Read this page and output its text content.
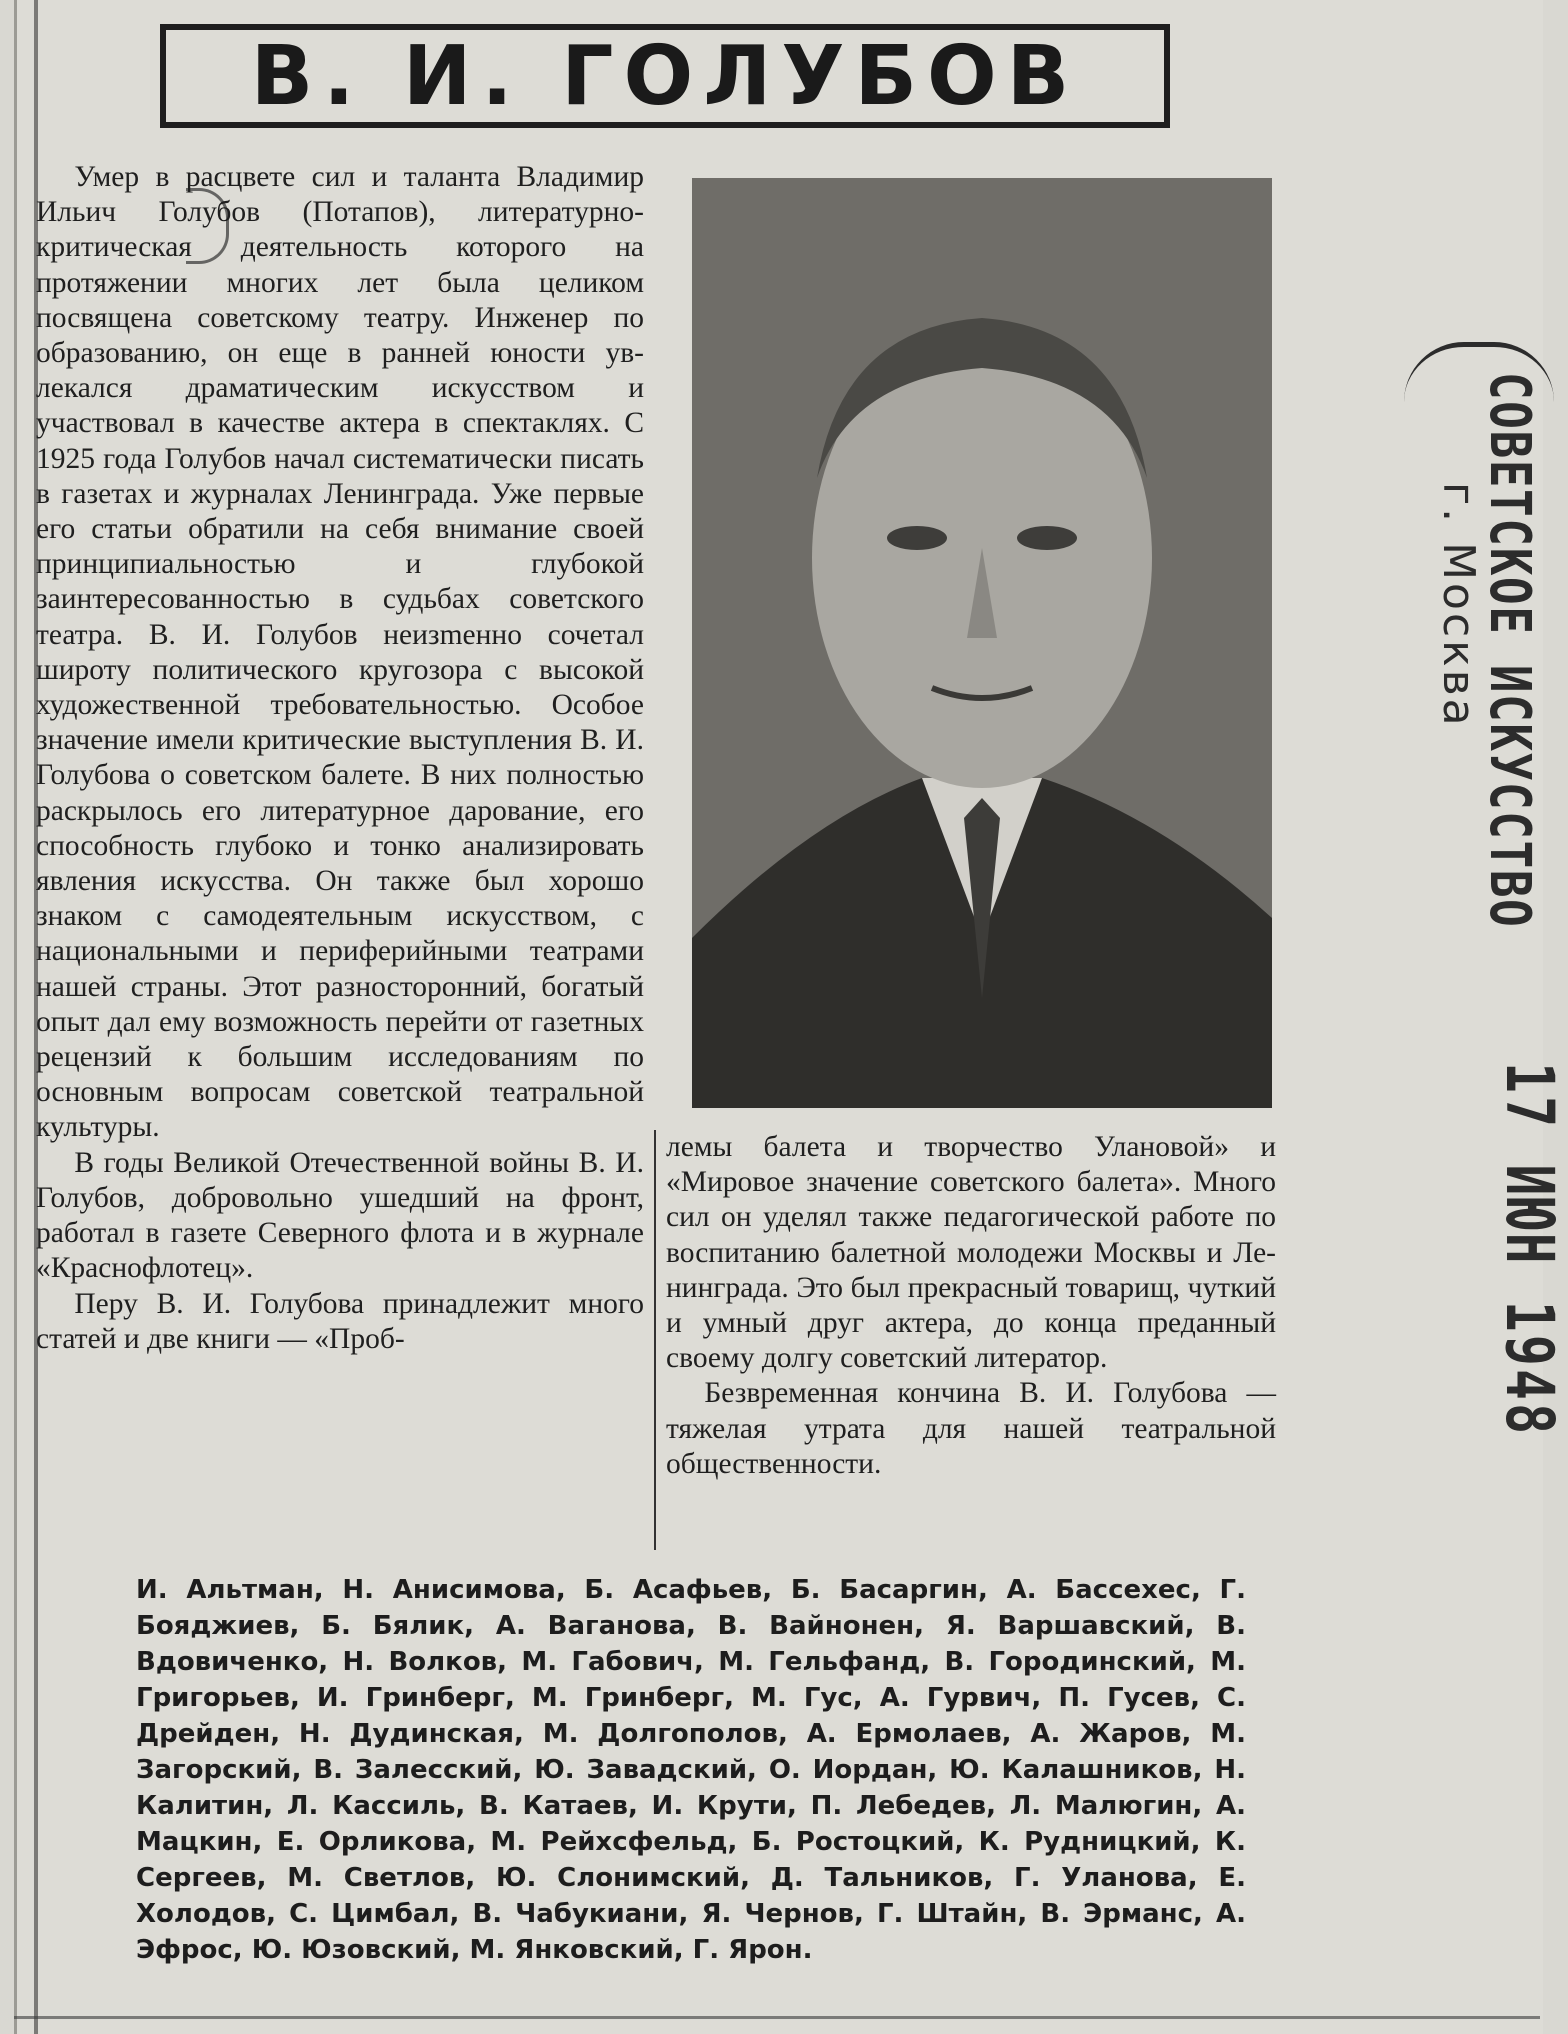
В. И. ГОЛУБОВ

Умер в расцвете сил и таланта Владимир Ильич Голубов (Потапов), литературно-критическая деятельность которого на протяжении многих лет была целиком посвящена советскому театру. Инженер по образованию, он еще в ранней юности увлекался драматическим искусством и участвовал в качестве актера в спектаклях. С 1925 года Голубов начал систематически писать в газетах и журналах Ленинграда. Уже первые его статьи обратили на себя внимание своей принципиальностью и глубокой заинтересованностью в судьбах советского театра. В. И. Голубов неизmенно сочетал широту политического кругозора с высокой художественной требовательностью. Особое значение имели критические выступления В. И. Голубова о советском балете. В них полностью раскрылось его литературное дарование, его способность глубоко и тонко анализировать явления искусства. Он также был хорошо знаком с самодеятельным искусством, с национальными и периферийными театрами нашей страны. Этот разносторонний, богатый опыт дал ему возможность перейти от газетных рецензий к большим исследованиям по основным вопросам советской театральной культуры.

В годы Великой Отечественной войны В. И. Голубов, добровольно ушедший на фронт, работал в газете Северного флота и в журнале «Краснофлотец».

Перу В. И. Голубова принадлежит много статей и две книги — «Проб-

лемы балета и творчество Улановой» и «Мировое значение советского балета». Много сил он уделял также педагогической работе по воспитанию балетной молодежи Москвы и Ленинграда. Это был прекрасный товарищ, чуткий и умный друг актера, до конца преданный своему долгу советский литератор.

Безвременная кончина В. И. Голубова — тяжелая утрата для нашей театральной общественности.

И. Альтман, Н. Анисимова, Б. Асафьев, Б. Басаргин, А. Бассехес, Г. Бояджиев, Б. Бялик, А. Ваганова, В. Вайнонен, Я. Варшавский, В. Вдовиченко, Н. Волков, М. Габович, М. Гельфанд, В. Городинский, М. Григорьев, И. Гринберг, М. Гринберг, М. Гус, А. Гурвич, П. Гусев, С. Дрейден, Н. Дудинская, М. Долгополов, А. Ермолаев, А. Жаров, М. Загорский, В. Залесский, Ю. Завадский, О. Иордан, Ю. Калашников, Н. Калитин, Л. Кассиль, В. Катаев, И. Крути, П. Лебедев, Л. Малюгин, А. Мацкин, Е. Орликова, М. Рейхсфельд, Б. Ростоцкий, К. Рудницкий, К. Сергеев, М. Светлов, Ю. Слонимский, Д. Тальников, Г. Уланова, Е. Холодов, С. Цимбал, В. Чабукиани, Я. Чернов, Г. Штайн, В. Эрманс, А. Эфрос, Ю. Юзовский, М. Янковский, Г. Ярон.
СОВЕТСКОЕ ИСКУССТВО
г. Москва
17 ИЮН 1948
